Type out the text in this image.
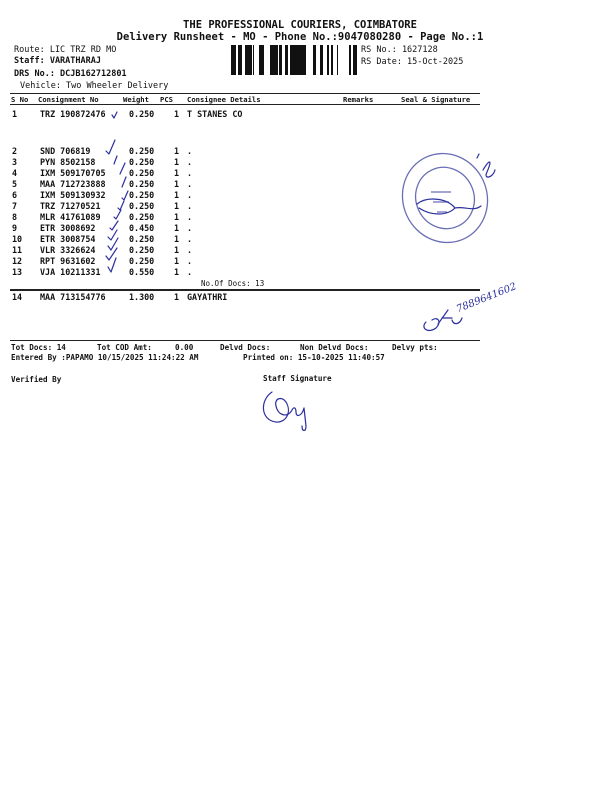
THE PROFESSIONAL COURIERS, COIMBATORE
Delivery Runsheet - MO - Phone No.:9047080280 - Page No.:1
Route: LIC TRZ RD MO
Staff: VARATHARAJ
DRS No.: DCJB162712801
Vehicle: Two Wheeler Delivery
RS No.: 1627128
RS Date: 15-Oct-2025
S No Consignment No	Weight PCS Consignee Details	Remarks	Seal & Signature
1	TRZ 190872476	0.250 1 T STANES CO
2	SND 706819	0.250 1 .
3	PYN 8502158	0.250 1 .
4	IXM 509170705	0.250 1 .
5	MAA 712723888	0.250 1 .
6	IXM 509130932	0.250 1 .
7	TRZ 71270521	0.250 1 .
8	MLR 41761089	0.250 1 .
9	ETR 3008692	0.450 1 .
10 ETR 3008754	0.250 1 .
11 VLR 3326624	0.250 1 .
12 RPT 9631602	0.250 1 .
13 VJA 10211331	0.550 1 .
14 MAA 713154776	1.300 1 GAYATHRI
No.Of Docs: 13	7889641602
Tot Docs: 14	Tot COD Amt:	0.00	Delvd Docs:	Non Delvd Docs:	Delvy pts:
Entered By :PAPAMO 10/15/2025 11:24:22 AM	Printed on: 15-10-2025 11:40:57
Verified By	Staff Signature
